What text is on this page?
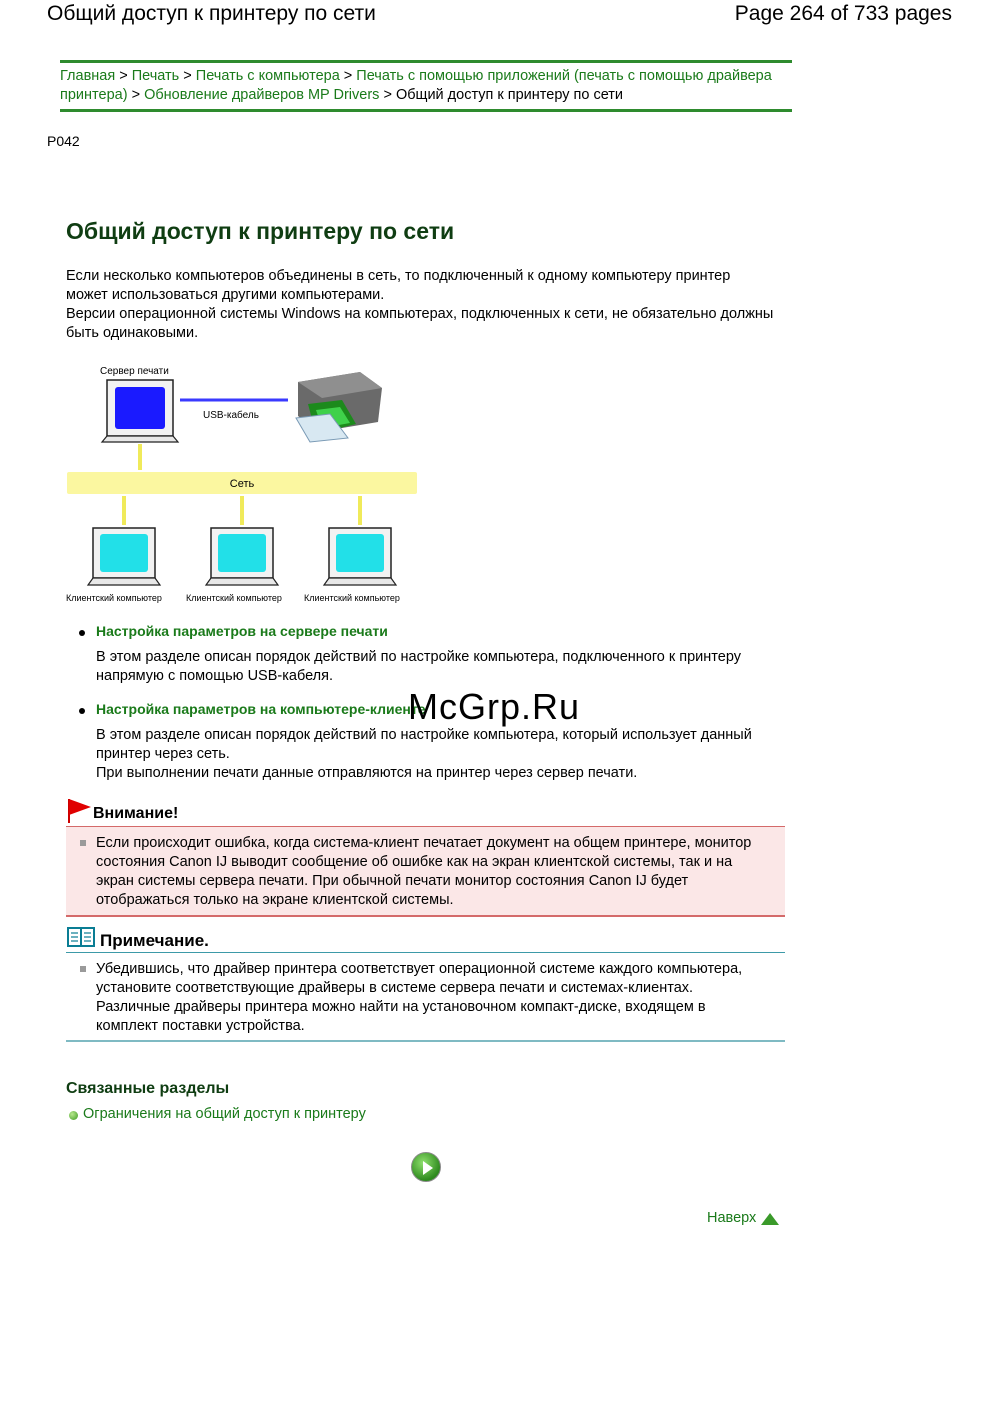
Общий доступ к принтеру по сети	Page 264 of 733 pages
Главная > Печать > Печать с компьютера > Печать с помощью приложений (печать с помощью драйвера принтера) > Обновление драйверов MP Drivers > Общий доступ к принтеру по сети
P042
Общий доступ к принтеру по сети
Если несколько компьютеров объединены в сеть, то подключенный к одному компьютеру принтер может использоваться другими компьютерами.
Версии операционной системы Windows на компьютерах, подключенных к сети, не обязательно должны быть одинаковыми.
Сервер печати
USB-кабель
Сеть
Клиентский компьютер	Клиентский компьютер Клиентский компьютер
Настройка параметров на сервере печати
В этом разделе описан порядок действий по настройке компьютера, подключенного к принтеру напрямую с помощью USB-кабеля.
Настройка параметров на компьютере-клиенте
В этом разделе описан порядок действий по настройке компьютера, который использует данный принтер через сеть.
При выполнении печати данные отправляются на принтер через сервер печати.
McGrp.Ru
Внимание!
Если происходит ошибка, когда система-клиент печатает документ на общем принтере, монитор состояния Canon IJ выводит сообщение об ошибке как на экран клиентской системы, так и на экран системы сервера печати. При обычной печати монитор состояния Canon IJ будет отображаться только на экране клиентской системы.
Примечание.
Убедившись, что драйвер принтера соответствует операционной системе каждого компьютера, установите соответствующие драйверы в системе сервера печати и системах-клиентах. Различные драйверы принтера можно найти на установочном компакт-диске, входящем в комплект поставки устройства.
Связанные разделы
Ограничения на общий доступ к принтеру
Наверх
